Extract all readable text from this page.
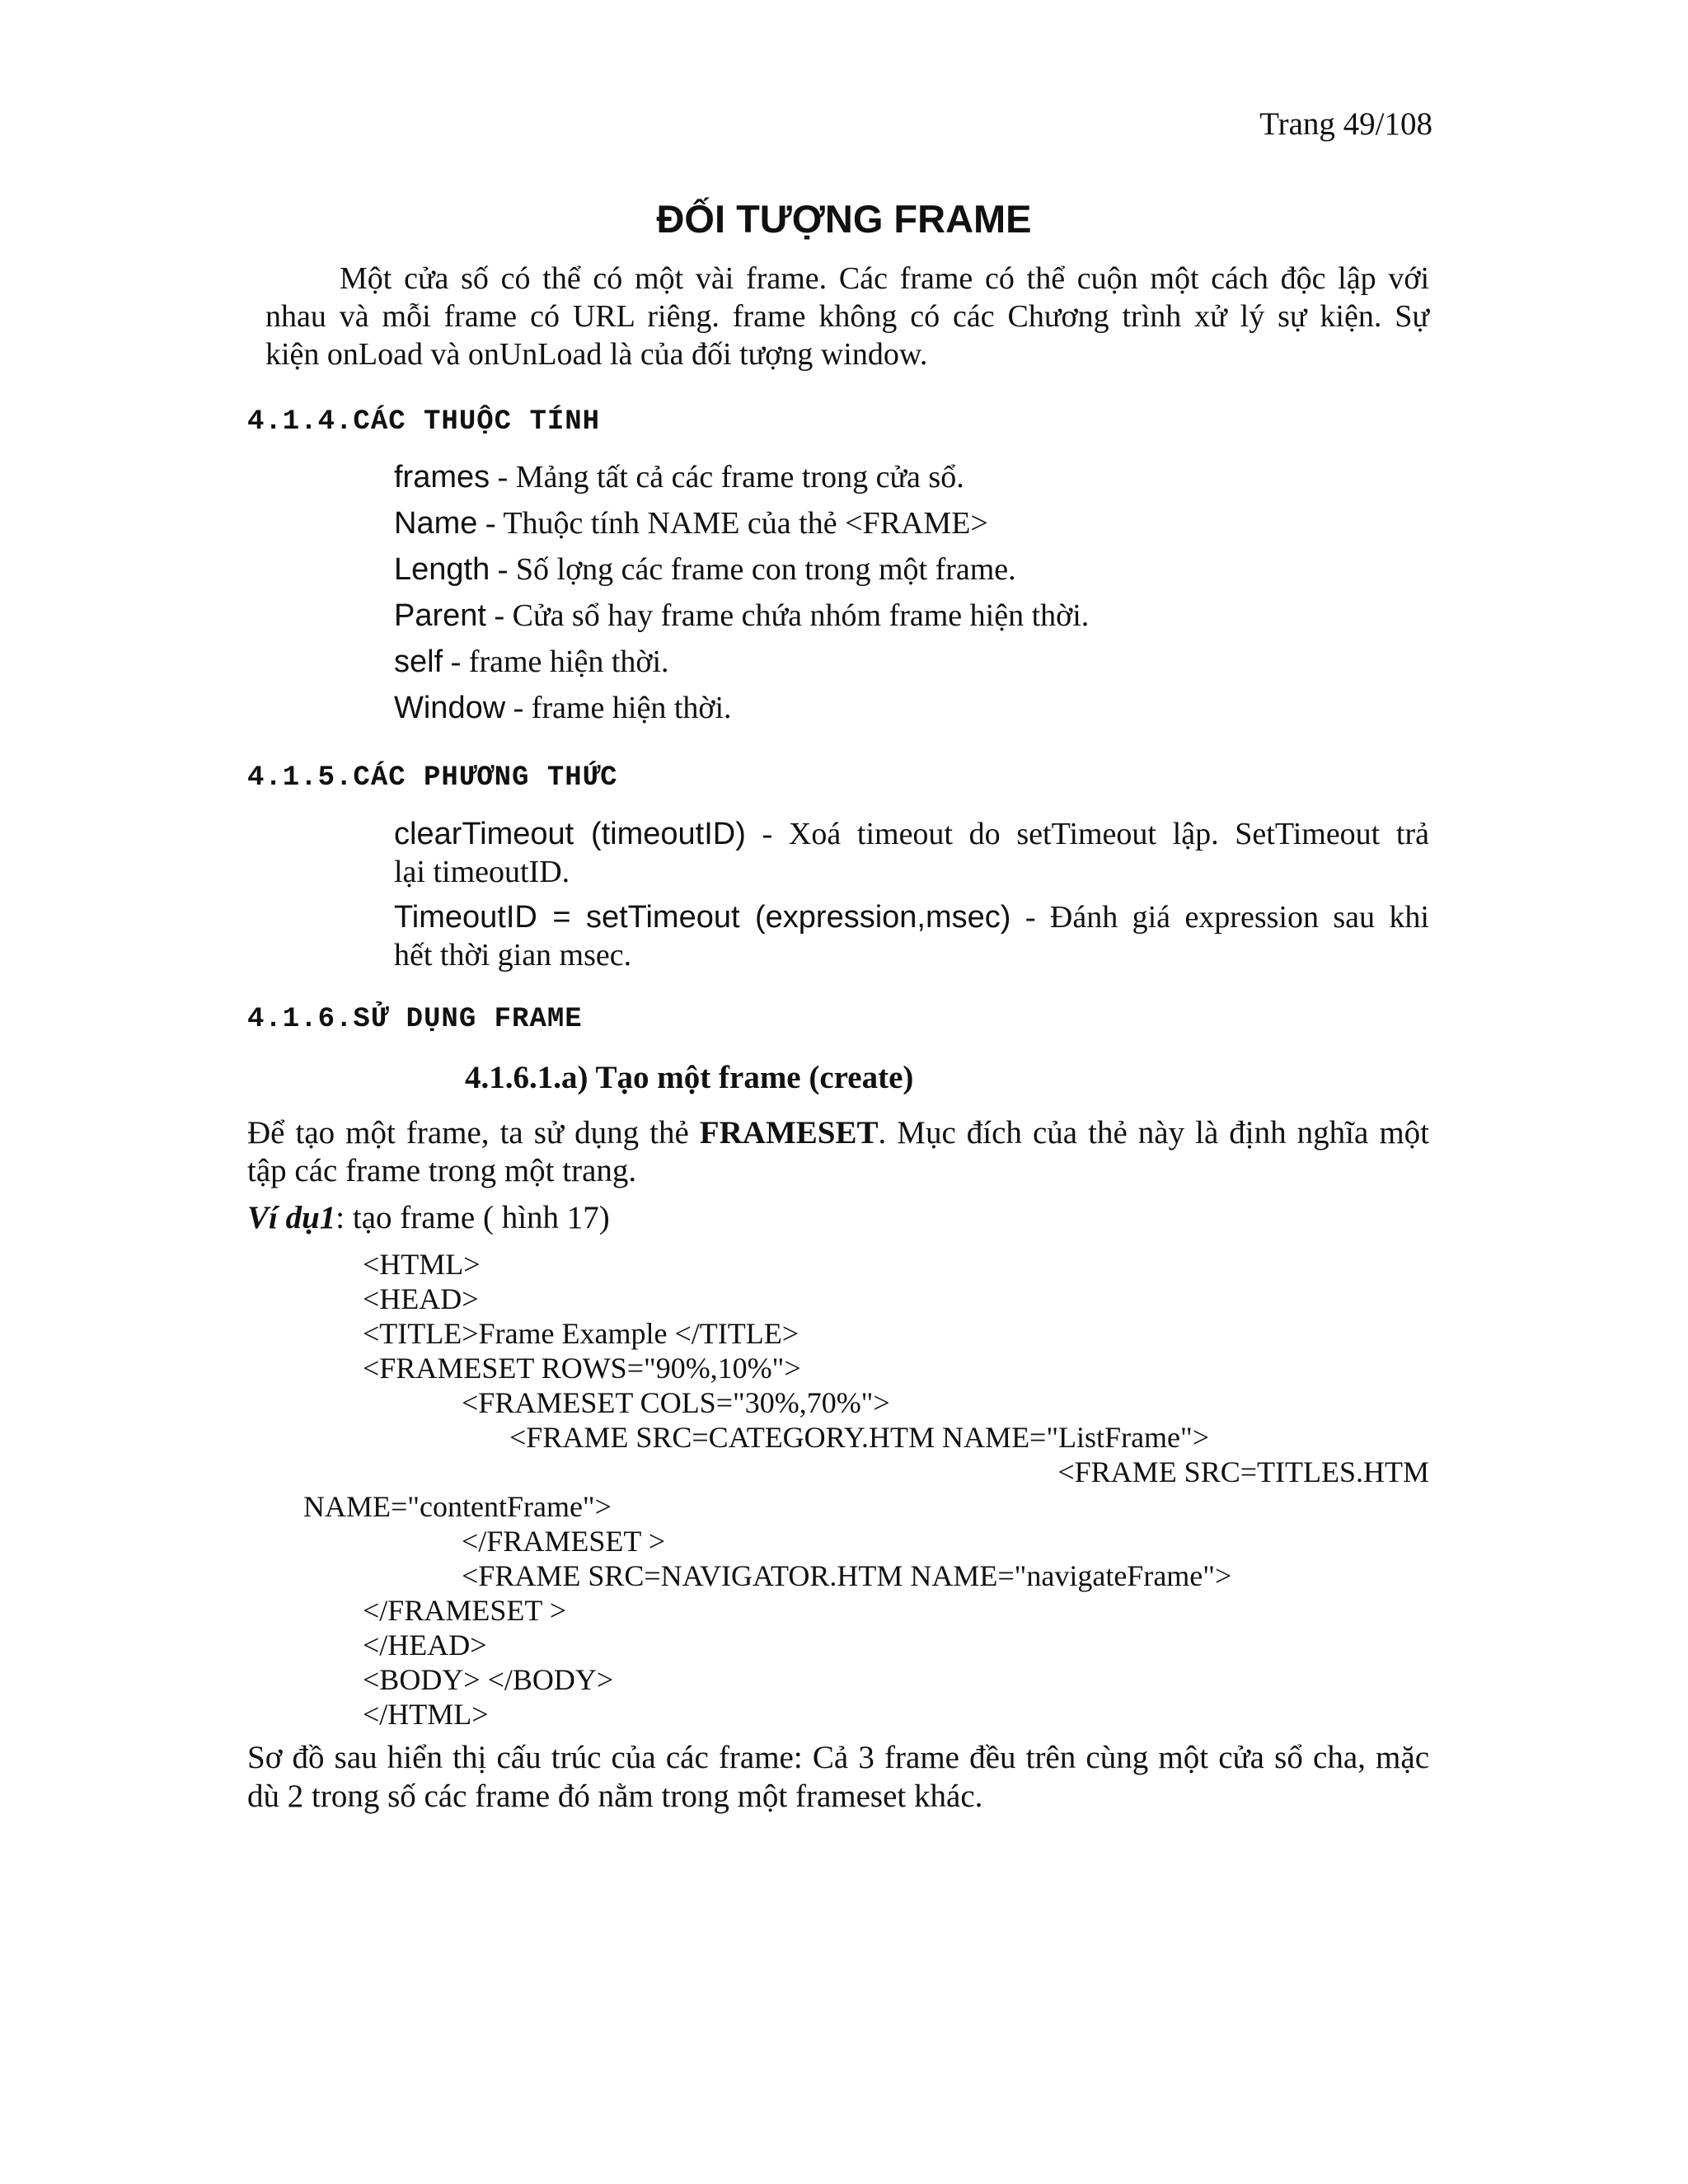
Trang 49/108
ĐỐI TƯỢNG FRAME
Một cửa số có thể có một vài frame. Các frame có thể cuộn một cách độc lập với
nhau và mỗi frame có URL riêng. frame không có các Chương trình xử lý sự kiện. Sự
kiện onLoad và onUnLoad là của đối tượng window.
4.1.4.CÁC THUỘC TÍNH
frames - Mảng tất cả các frame trong cửa sổ.
Name - Thuộc tính NAME của thẻ <FRAME>
Length - Số lợng các frame con trong một frame.
Parent - Cửa sổ hay frame chứa nhóm frame hiện thời.
self - frame hiện thời.
Window - frame hiện thời.
4.1.5.CÁC PHƯƠNG THỨC
clearTimeout (timeoutID) - Xoá timeout do setTimeout lập. SetTimeout trả
lại timeoutID.
TimeoutID = setTimeout (expression,msec) - Đánh giá expression sau khi
hết thời gian msec.
4.1.6.SỬ DỤNG FRAME
4.1.6.1.a) Tạo một frame (create)
Để tạo một frame, ta sử dụng thẻ FRAMESET. Mục đích của thẻ này là định nghĩa một
tập các frame trong một trang.
Ví dụ1: tạo frame ( hình 17)
<HTML>
<HEAD>
<TITLE>Frame Example </TITLE>
<FRAMESET ROWS="90%,10%">
<FRAMESET COLS="30%,70%">
<FRAME SRC=CATEGORY.HTM NAME="ListFrame">
<FRAME SRC=TITLES.HTM
NAME="contentFrame">
</FRAMESET >
<FRAME SRC=NAVIGATOR.HTM NAME="navigateFrame">
</FRAMESET >
</HEAD>
<BODY> </BODY>
</HTML>
Sơ đồ sau hiển thị cấu trúc của các frame: Cả 3 frame đều trên cùng một cửa sổ cha, mặc
dù 2 trong số các frame đó nằm trong một frameset khác.
